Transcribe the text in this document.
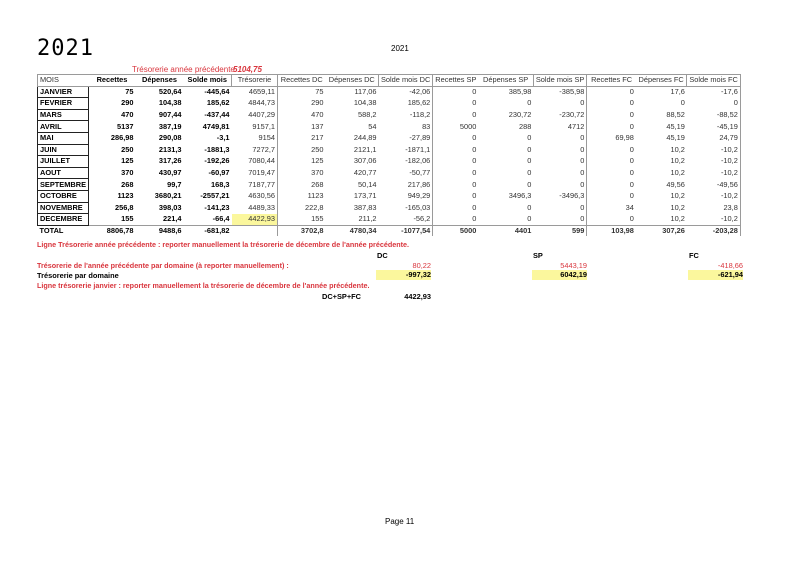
2021	2021
Trésorerie année précédente
5104,75
MOIS	Recettes	Dépenses	Solde mois	Trésorerie	Recettes DC	Dépenses DC	Solde mois DC	Recettes SP	Dépenses SP	Solde mois SP	Recettes FC	Dépenses FC	Solde mois FC
JANVIER	75	520,64	-445,64	4659,11	75	117,06	-42,06	0	385,98	-385,98	0	17,6	-17,6
FEVRIER	290	104,38	185,62	4844,73	290	104,38	185,62	0	0	0	0	0	0
MARS	470	907,44	-437,44	4407,29	470	588,2	-118,2	0	230,72	-230,72	0	88,52	-88,52
AVRIL	5137	387,19	4749,81	9157,1	137	54	83	5000	288	4712	0	45,19	-45,19
MAI	286,98	290,08	-3,1	9154	217	244,89	-27,89	0	0	0	69,98	45,19	24,79
JUIN	250	2131,3	-1881,3	7272,7	250	2121,1	-1871,1	0	0	0	0	10,2	-10,2
JUILLET	125	317,26	-192,26	7080,44	125	307,06	-182,06	0	0	0	0	10,2	-10,2
AOUT	370	430,97	-60,97	7019,47	370	420,77	-50,77	0	0	0	0	10,2	-10,2
SEPTEMBRE	268	99,7	168,3	7187,77	268	50,14	217,86	0	0	0	0	49,56	-49,56
OCTOBRE	1123	3680,21	-2557,21	4630,56	1123	173,71	949,29	0	3496,3	-3496,3	0	10,2	-10,2
NOVEMBRE	256,8	398,03	-141,23	4489,33	222,8	387,83	-165,03	0	0	0	34	10,2	23,8
DECEMBRE	155	221,4	-66,4	4422,93	155	211,2	-56,2	0	0	0	0	10,2	-10,2
TOTAL	8806,78	9488,6	-681,82		3702,8	4780,34	-1077,54	5000	4401	599	103,98	307,26	-203,28
Ligne Trésorerie année précédente : reporter manuellement la trésorerie de décembre de l'année précédente.
DC	SP	FC
Trésorerie de l'année précédente par domaine (à reporter manuellement) :	80,22	5443,19	-418,66
Trésorerie par domaine	-997,32	6042,19	-621,94
Ligne trésorerie janvier : reporter manuellement la trésorerie de décembre de l'année précédente.
DC+SP+FC	4422,93
Page 11
